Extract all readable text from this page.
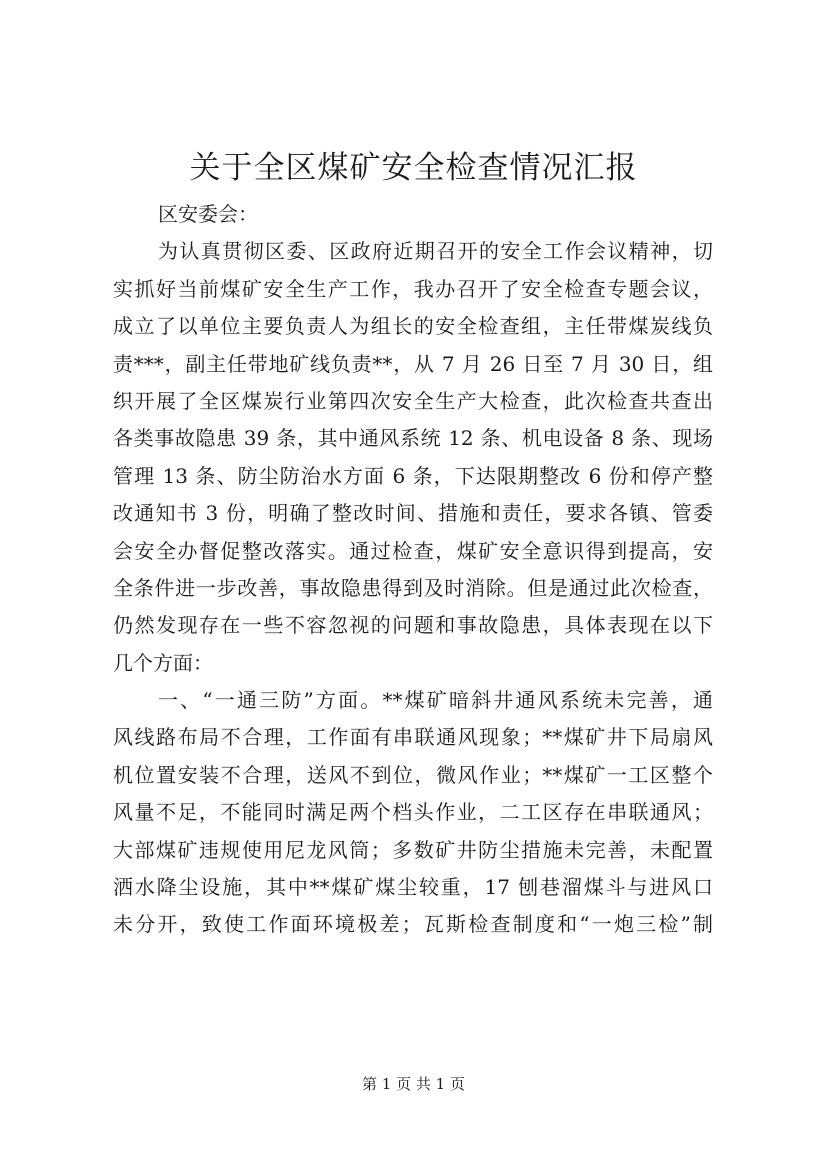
关于全区煤矿安全检查情况汇报
区安委会：
为认真贯彻区委、区政府近期召开的安全工作会议精神，切
实抓好当前煤矿安全生产工作，我办召开了安全检查专题会议，
成立了以单位主要负责人为组长的安全检查组，主任带煤炭线负
责***，副主任带地矿线负责**，从 7 月 26 日至 7 月 30 日，组
织开展了全区煤炭行业第四次安全生产大检查，此次检查共查出
各类事故隐患 39 条，其中通风系统 12 条、机电设备 8 条、现场
管理 13 条、防尘防治水方面 6 条，下达限期整改 6 份和停产整
改通知书 3 份，明确了整改时间、措施和责任，要求各镇、管委
会安全办督促整改落实。通过检查，煤矿安全意识得到提高，安
全条件进一步改善，事故隐患得到及时消除。但是通过此次检查，
仍然发现存在一些不容忽视的问题和事故隐患，具体表现在以下
几个方面：
一、“一通三防”方面。**煤矿暗斜井通风系统未完善，通
风线路布局不合理，工作面有串联通风现象；**煤矿井下局扇风
机位置安装不合理，送风不到位，微风作业；**煤矿一工区整个
风量不足，不能同时满足两个档头作业，二工区存在串联通风；
大部煤矿违规使用尼龙风筒；多数矿井防尘措施未完善，未配置
洒水降尘设施，其中**煤矿煤尘较重，17 刨巷溜煤斗与进风口
未分开，致使工作面环境极差；瓦斯检查制度和“一炮三检”制
第 1 页 共 1 页
